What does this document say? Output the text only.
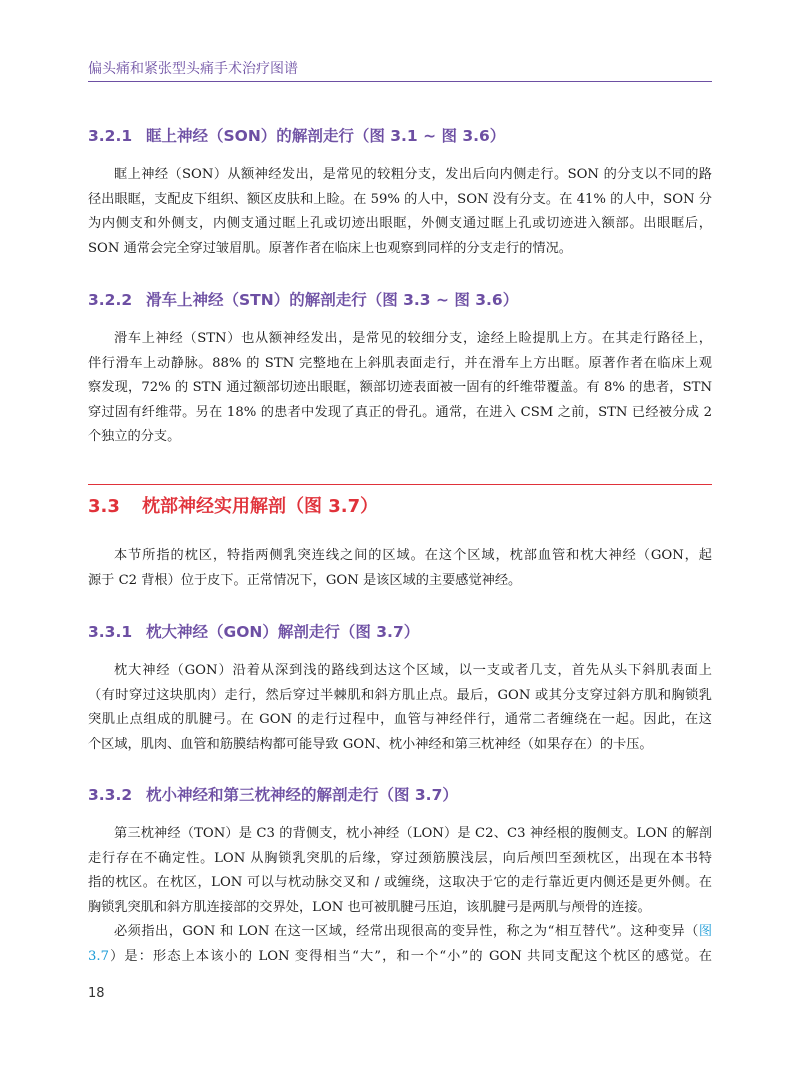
偏头痛和紧张型头痛手术治疗图谱
3.2.1 眶上神经（SON）的解剖走行（图 3.1 ~ 图 3.6）
眶上神经（SON）从额神经发出，是常见的较粗分支，发出后向内侧走行。SON 的分支以不同的路
径出眼眶，支配皮下组织、额区皮肤和上睑。在 59% 的人中，SON 没有分支。在 41% 的人中，SON 分
为内侧支和外侧支，内侧支通过眶上孔或切迹出眼眶，外侧支通过眶上孔或切迹进入额部。出眼眶后，
SON 通常会完全穿过皱眉肌。原著作者在临床上也观察到同样的分支走行的情况。
3.2.2 滑车上神经（STN）的解剖走行（图 3.3 ~ 图 3.6）
滑车上神经（STN）也从额神经发出，是常见的较细分支，途经上睑提肌上方。在其走行路径上，
伴行滑车上动静脉。88% 的 STN 完整地在上斜肌表面走行，并在滑车上方出眶。原著作者在临床上观
察发现，72% 的 STN 通过额部切迹出眼眶，额部切迹表面被一固有的纤维带覆盖。有 8% 的患者，STN
穿过固有纤维带。另在 18% 的患者中发现了真正的骨孔。通常，在进入 CSM 之前，STN 已经被分成 2
个独立的分支。
3.3 枕部神经实用解剖（图 3.7）
本节所指的枕区，特指两侧乳突连线之间的区域。在这个区域，枕部血管和枕大神经（GON，起
源于 C2 背根）位于皮下。正常情况下，GON 是该区域的主要感觉神经。
3.3.1 枕大神经（GON）解剖走行（图 3.7）
枕大神经（GON）沿着从深到浅的路线到达这个区域，以一支或者几支，首先从头下斜肌表面上
（有时穿过这块肌肉）走行，然后穿过半棘肌和斜方肌止点。最后，GON 或其分支穿过斜方肌和胸锁乳
突肌止点组成的肌腱弓。在 GON 的走行过程中，血管与神经伴行，通常二者缠绕在一起。因此，在这
个区域，肌肉、血管和筋膜结构都可能导致 GON、枕小神经和第三枕神经（如果存在）的卡压。
3.3.2 枕小神经和第三枕神经的解剖走行（图 3.7）
第三枕神经（TON）是 C3 的背侧支，枕小神经（LON）是 C2、C3 神经根的腹侧支。LON 的解剖
走行存在不确定性。LON 从胸锁乳突肌的后缘，穿过颈筋膜浅层，向后颅凹至颈枕区，出现在本书特
指的枕区。在枕区，LON 可以与枕动脉交叉和 / 或缠绕，这取决于它的走行靠近更内侧还是更外侧。在
胸锁乳突肌和斜方肌连接部的交界处，LON 也可被肌腱弓压迫，该肌腱弓是两肌与颅骨的连接。
必须指出，GON 和 LON 在这一区域，经常出现很高的变异性，称之为“相互替代”。这种变异（图
3.7）是：形态上本该小的 LON 变得相当“大”，和一个“小”的 GON 共同支配这个枕区的感觉。在
18
